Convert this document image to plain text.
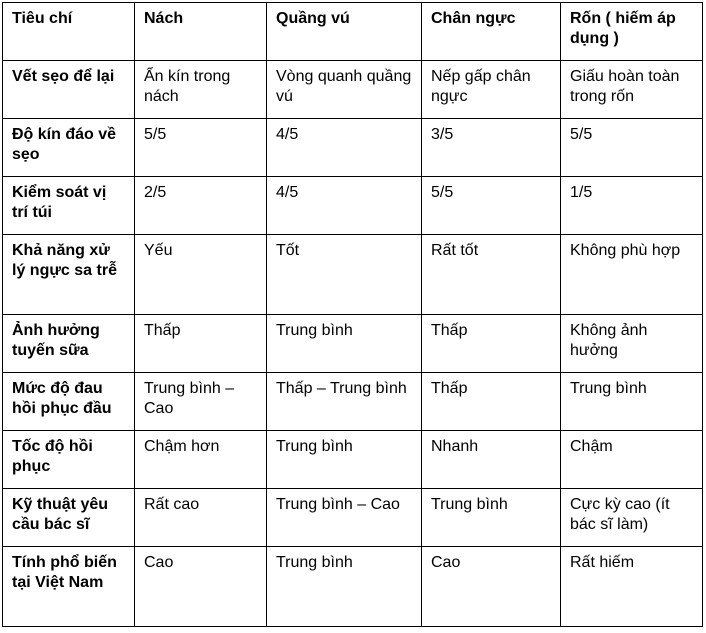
Tiêu chí	Nách	Quầng vú	Chân ngực	Rốn ( hiếm áp dụng )
Vết sẹo để lại	Ẩn kín trong nách	Vòng quanh quầng vú	Nếp gấp chân ngực	Giấu hoàn toàn trong rốn
Độ kín đáo về sẹo	5/5	4/5	3/5	5/5
Kiểm soát vị trí túi	2/5	4/5	5/5	1/5
Khả năng xử lý ngực sa trễ	Yếu	Tốt	Rất tốt	Không phù hợp
Ảnh hưởng tuyến sữa	Thấp	Trung bình	Thấp	Không ảnh hưởng
Mức độ đau hồi phục đầu	Trung bình – Cao	Thấp – Trung bình	Thấp	Trung bình
Tốc độ hồi phục	Chậm hơn	Trung bình	Nhanh	Chậm
Kỹ thuật yêu cầu bác sĩ	Rất cao	Trung bình – Cao	Trung bình	Cực kỳ cao (ít bác sĩ làm)
Tính phổ biến tại Việt Nam	Cao	Trung bình	Cao	Rất hiếm
